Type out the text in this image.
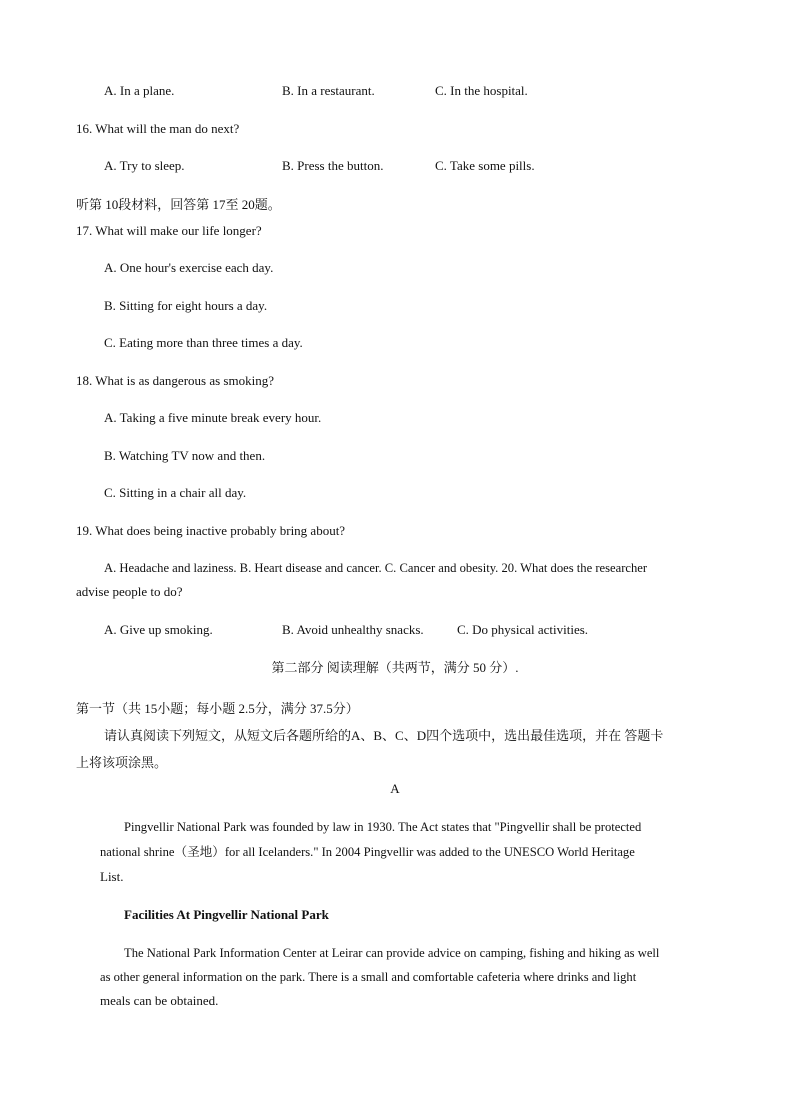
A. In a plane.	B. In a restaurant.	C. In the hospital.
16. What will the man do next?
A. Try to sleep.	B. Press the button.	C. Take some pills.
听第 10段材料，回答第 17至 20题。
17. What will make our life longer?
A. One hour's exercise each day.
B. Sitting for eight hours a day.
C. Eating more than three times a day.
18. What is as dangerous as smoking?
A. Taking a five minute break every hour.
B. Watching TV now and then.
C. Sitting in a chair all day.
19. What does being inactive probably bring about?
A. Headache and laziness. B. Heart disease and cancer. C. Cancer and obesity. 20. What does the researcher
advise people to do?
A. Give up smoking.	B. Avoid unhealthy snacks.	C. Do physical activities.
第二部分 阅读理解（共两节，满分 50 分）.
第一节（共 15小题；每小题 2.5分，满分 37.5分）
请认真阅读下列短文，从短文后各题所给的A、B、C、D四个选项中，选出最佳选项，并在 答题卡
上将该项涂黑。
A
Pingvellir National Park was founded by law in 1930. The Act states that "Pingvellir shall be protected
national shrine（圣地）for all Icelanders." In 2004 Pingvellir was added to the UNESCO World Heritage
List.
Facilities At Pingvellir National Park
The National Park Information Center at Leirar can provide advice on camping, fishing and hiking as well
as other general information on the park. There is a small and comfortable cafeteria where drinks and light
meals can be obtained.
